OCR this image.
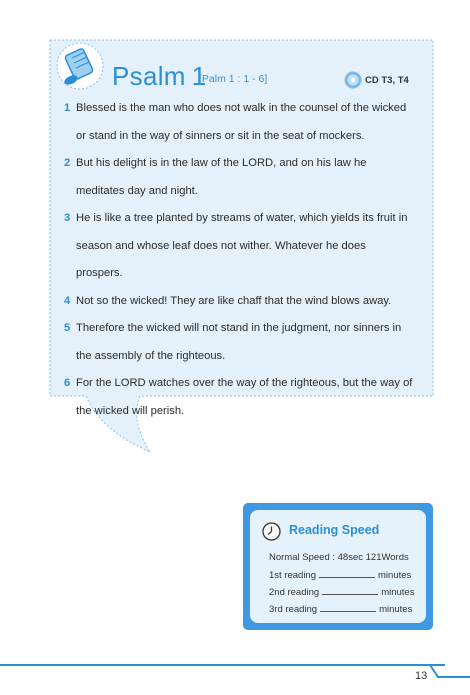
Psalm 1
[Palm 1 : 1 - 6]	CD T3, T4
1 Blessed is the man who does not walk in the counsel of the wicked or stand in the way of sinners or sit in the seat of mockers.
2 But his delight is in the law of the LORD, and on his law he meditates day and night.
3 He is like a tree planted by streams of water, which yields its fruit in season and whose leaf does not wither. Whatever he does prospers.
4 Not so the wicked! They are like chaff that the wind blows away.
5 Therefore the wicked will not stand in the judgment, nor sinners in the assembly of the righteous.
6 For the LORD watches over the way of the righteous, but the way of the wicked will perish.
Reading Speed
Normal Speed : 48sec 121Words
1st reading	minutes
2nd reading	minutes
3rd reading	minutes
13
